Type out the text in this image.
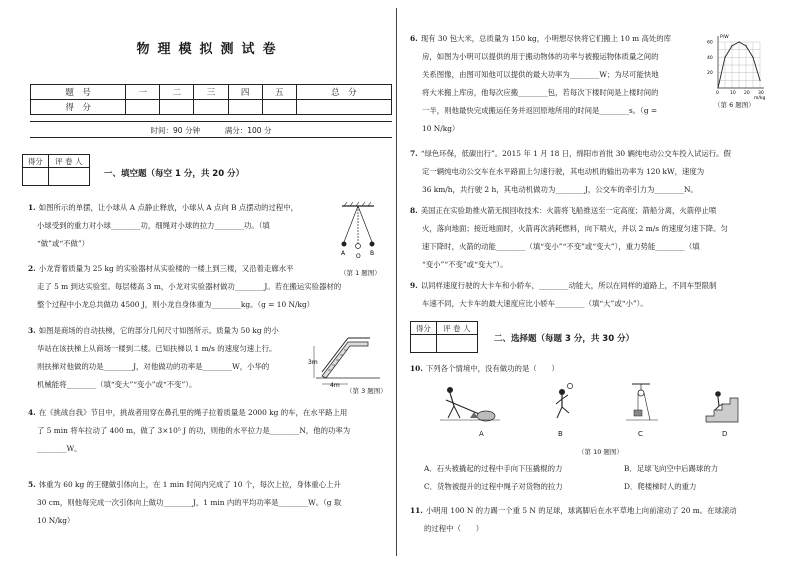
物理模拟测试卷
题　号	一	二	三	四	五	总　分
得　分						
时间：90 分钟	满分：100 分
得分	评 卷 人

一、填空题（每空 1 分，共 20 分）
1. 如图所示的单摆，让小球从 A 点静止释放，小球从 A 点向 B 点摆动的过程中，
小球受到的重力对小球________功，细绳对小球的拉力________功。（填
“做”或“不做”）
A O B
（第 1 题图）
2. 小龙背着质量为 25 kg 的实验器材从实验楼的一楼上到三楼，又沿着走廊水平
走了 5 m 到达实验室。每层楼高 3 m，小龙对实验器材做功________J。若在搬运实验器材的
整个过程中小龙总共做功 4500 J，则小龙自身体重为________kg。（g = 10 N/kg）
3. 如图是商场的自动扶梯，它的部分几何尺寸如图所示。质量为 50 kg 的小
华站在该扶梯上从商场一楼到二楼。已知扶梯以 1 m/s 的速度匀速上行。
则扶梯对他做的功是________J，对他做功的功率是________W，小华的
机械能将________（填“变大”“变小”或“不变”）。
3m
4m
（第 3 题图）
4. 在《挑战自我》节目中，挑战者用穿在鼻孔里的绳子拉着质量是 2000 kg 的车，在水平路上用
了 5 min 将车拉动了 400 m，做了 3×10⁵ J 的功，则他的水平拉力是________N，他的功率为
________W。
5. 体重为 60 kg 的王健做引体向上，在 1 min 时间内完成了 10 个，每次上拉，身体重心上升
30 cm，则他每完成一次引体向上做功________J，1 min 内的平均功率是________W。（g 取
10 N/kg）
6. 现有 30 包大米，总质量为 150 kg，小明想尽快将它们搬上 10 m 高处的库
房，如图为小明可以提供的用于搬动物体的功率与被搬运物体质量之间的
关系图像，由图可知他可以提供的最大功率为________W；为尽可能快地
将大米搬上库房，他每次应搬________包，若每次下楼时间是上楼时间的
一半，则他最快完成搬运任务并返回原地所用的时间是________s。（g =
10 N/kg）
0 10 20 30
20
40
60
P/W
m/kg
（第 6 题图）
7. “绿色环保，低碳出行”。2015 年 1 月 18 日，绵阳市首批 30 辆纯电动公交车投入试运行。假
定一辆纯电动公交车在水平路面上匀速行驶，其电动机的输出功率为 120 kW，速度为
36 km/h，共行驶 2 h，其电动机做功为________J，公交车的牵引力为________N。
8. 美国正在实验助推火箭无损回收技术：火箭将飞船推送至一定高度；箭船分离，火箭停止喷
火，落向地面；接近地面时，火箭再次消耗燃料，向下喷火，并以 2 m/s 的速度匀速下降。匀
速下降时，火箭的动能________（填“变小”“不变”或“变大”），重力势能________（填
“变小”“不变”或“变大”）。
9. 以同样速度行驶的大卡车和小轿车，________动能大，所以在同样的道路上，不同车型限制
车速不同，大卡车的最大速度应比小轿车________（填“大”或“小”）。
得分	评 卷 人

二、选择题（每题 3 分，共 30 分）
10. 下列各个情境中，没有做功的是（　　）
A	B	C	D
（第 10 题图）
A．石头被撬起的过程中手向下压撬棍的力	B．足球飞向空中后踢球的力
C．货物被提升的过程中绳子对货物的拉力	D．爬楼梯时人的重力
11. 小明用 100 N 的力踢一个重 5 N 的足球，球离脚后在水平草地上向前滚动了 20 m。在球滚动
的过程中（　　）
